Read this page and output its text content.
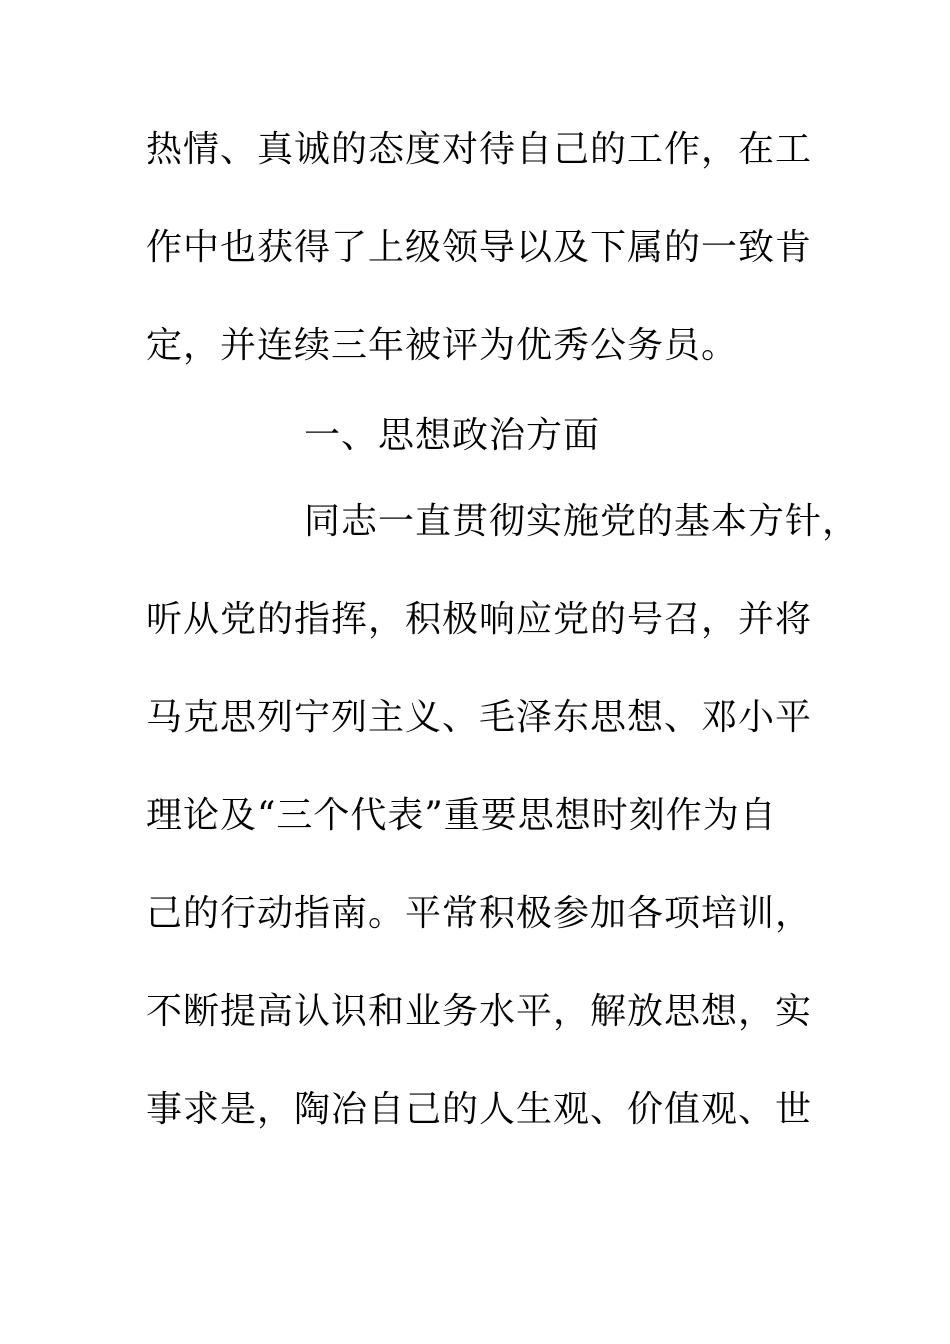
热情、真诚的态度对待自己的工作，在工
作中也获得了上级领导以及下属的一致肯
定，并连续三年被评为优秀公务员。
一、思想政治方面
同志一直贯彻实施党的基本方针，
听从党的指挥，积极响应党的号召，并将
马克思列宁列主义、毛泽东思想、邓小平
理论及“三个代表”重要思想时刻作为自
己的行动指南。平常积极参加各项培训，
不断提高认识和业务水平，解放思想，实
事求是，陶冶自己的人生观、价值观、世
